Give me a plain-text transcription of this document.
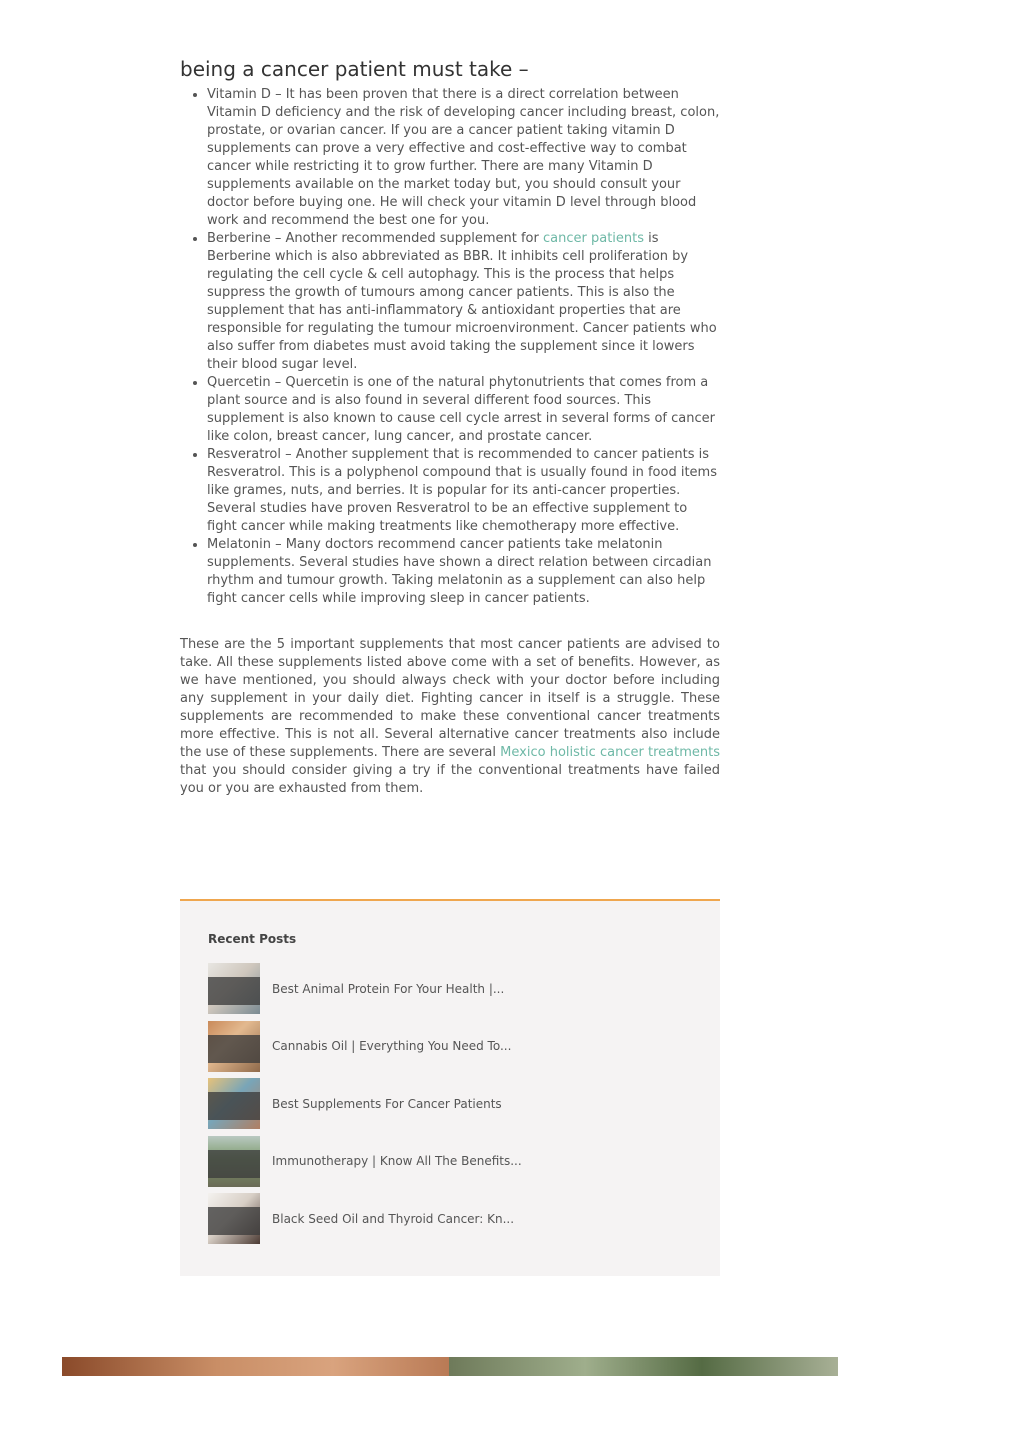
being a cancer patient must take –
• Vitamin D – It has been proven that there is a direct correlation between Vitamin D deficiency and the risk of developing cancer including breast, colon, prostate, or ovarian cancer. If you are a cancer patient taking vitamin D supplements can prove a very effective and cost-effective way to combat cancer while restricting it to grow further. There are many Vitamin D supplements available on the market today but, you should consult your doctor before buying one. He will check your vitamin D level through blood work and recommend the best one for you.
• Berberine – Another recommended supplement for cancer patients is Berberine which is also abbreviated as BBR. It inhibits cell proliferation by regulating the cell cycle & cell autophagy. This is the process that helps suppress the growth of tumours among cancer patients. This is also the supplement that has anti-inflammatory & antioxidant properties that are responsible for regulating the tumour microenvironment. Cancer patients who also suffer from diabetes must avoid taking the supplement since it lowers their blood sugar level.
• Quercetin – Quercetin is one of the natural phytonutrients that comes from a plant source and is also found in several different food sources. This supplement is also known to cause cell cycle arrest in several forms of cancer like colon, breast cancer, lung cancer, and prostate cancer.
• Resveratrol – Another supplement that is recommended to cancer patients is Resveratrol. This is a polyphenol compound that is usually found in food items like grames, nuts, and berries. It is popular for its anti-cancer properties. Several studies have proven Resveratrol to be an effective supplement to fight cancer while making treatments like chemotherapy more effective.
• Melatonin – Many doctors recommend cancer patients take melatonin supplements. Several studies have shown a direct relation between circadian rhythm and tumour growth. Taking melatonin as a supplement can also help fight cancer cells while improving sleep in cancer patients.

These are the 5 important supplements that most cancer patients are advised to take. All these supplements listed above come with a set of benefits. However, as we have mentioned, you should always check with your doctor before including any supplement in your daily diet. Fighting cancer in itself is a struggle. These supplements are recommended to make these conventional cancer treatments more effective. This is not all. Several alternative cancer treatments also include the use of these supplements. There are several Mexico holistic cancer treatments that you should consider giving a try if the conventional treatments have failed you or you are exhausted from them.

Recent Posts
Best Animal Protein For Your Health |...
Cannabis Oil | Everything You Need To...
Best Supplements For Cancer Patients
Immunotherapy | Know All The Benefits...
Black Seed Oil and Thyroid Cancer: Kn...
